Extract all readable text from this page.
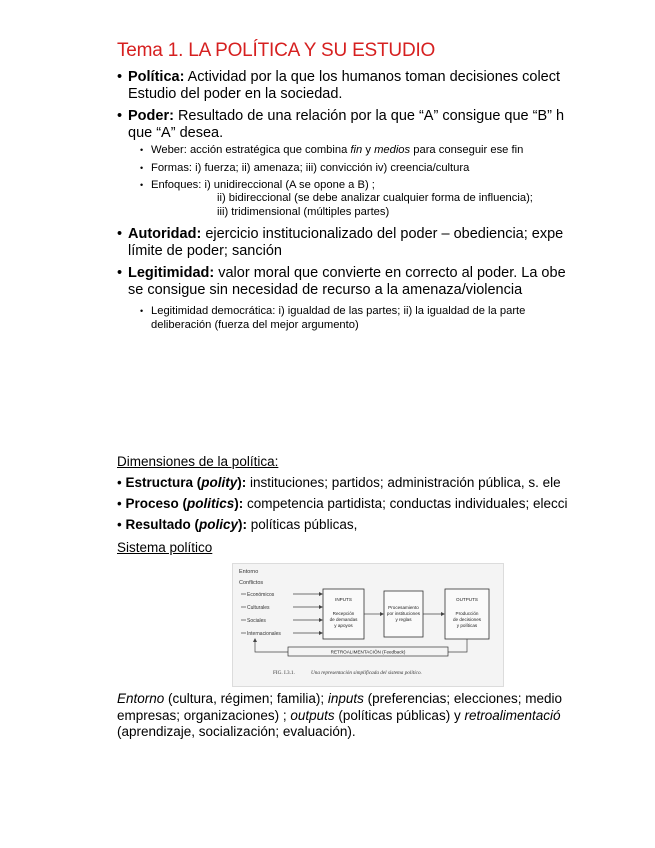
Tema 1. LA POLÍTICA Y SU ESTUDIO
• Política: Actividad por la que los humanos toman decisiones colect
Estudio del poder en la sociedad.
• Poder: Resultado de una relación por la que “A” consigue que “B” h
que “A” desea.
• Weber: acción estratégica que combina fin y medios para conseguir ese fin
• Formas: i) fuerza; ii) amenaza; iii) convicción iv) creencia/cultura
• Enfoques: i) unidireccional (A se opone a B) ;
ii) bidireccional (se debe analizar cualquier forma de influencia);
iii) tridimensional (múltiples partes)
• Autoridad: ejercicio institucionalizado del poder – obediencia; expe
límite de poder; sanción
• Legitimidad: valor moral que convierte en correcto al poder. La obe
se consigue sin necesidad de recurso a la amenaza/violencia
• Legitimidad democrática: i) igualdad de las partes; ii) la igualdad de la parte
deliberación (fuerza del mejor argumento)
Dimensiones de la política:
• Estructura (polity): instituciones; partidos; administración pública, s. ele
• Proceso (politics): competencia partidista; conductas individuales; elecci
• Resultado (policy): políticas públicas,
Sistema político
Entorno
Conflictos
Económicos
Culturales
Sociales
Internacionales
INPUTS
Recepción
de demandas
y apoyos
Procesamiento
por instituciones
y reglas
OUTPUTS
Producción
de decisiones
y políticas
RETROALIMENTACIÓN (Feedback)
FIG. I.3.1.	Una representación simplificada del sistema político.
Entorno (cultura, régimen; familia); inputs (preferencias; elecciones; medio
empresas; organizaciones) ; outputs (políticas públicas) y retroalimentació
(aprendizaje, socialización; evaluación).
